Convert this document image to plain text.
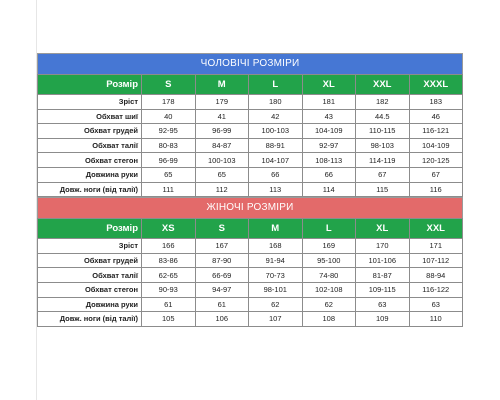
ЧОЛОВІЧІ РОЗМІРИ
Розмір	S	M	L	XL	XXL	XXXL
Зріст	178	179	180	181	182	183
Обхват шиї	40	41	42	43	44.5	46
Обхват грудей	92-95	96-99	100-103	104-109	110-115	116-121
Обхват талії	80-83	84-87	88-91	92-97	98-103	104-109
Обхват стегон	96-99	100-103	104-107	108-113	114-119	120-125
Довжина руки	65	65	66	66	67	67
Довж. ноги (від талії)	111	112	113	114	115	116
ЖІНОЧІ РОЗМІРИ
Розмір	XS	S	M	L	XL	XXL
Зріст	166	167	168	169	170	171
Обхват грудей	83-86	87-90	91-94	95-100	101-106	107-112
Обхват талії	62-65	66-69	70-73	74-80	81-87	88-94
Обхват стегон	90-93	94-97	98-101	102-108	109-115	116-122
Довжина руки	61	61	62	62	63	63
Довж. ноги (від талії)	105	106	107	108	109	110
